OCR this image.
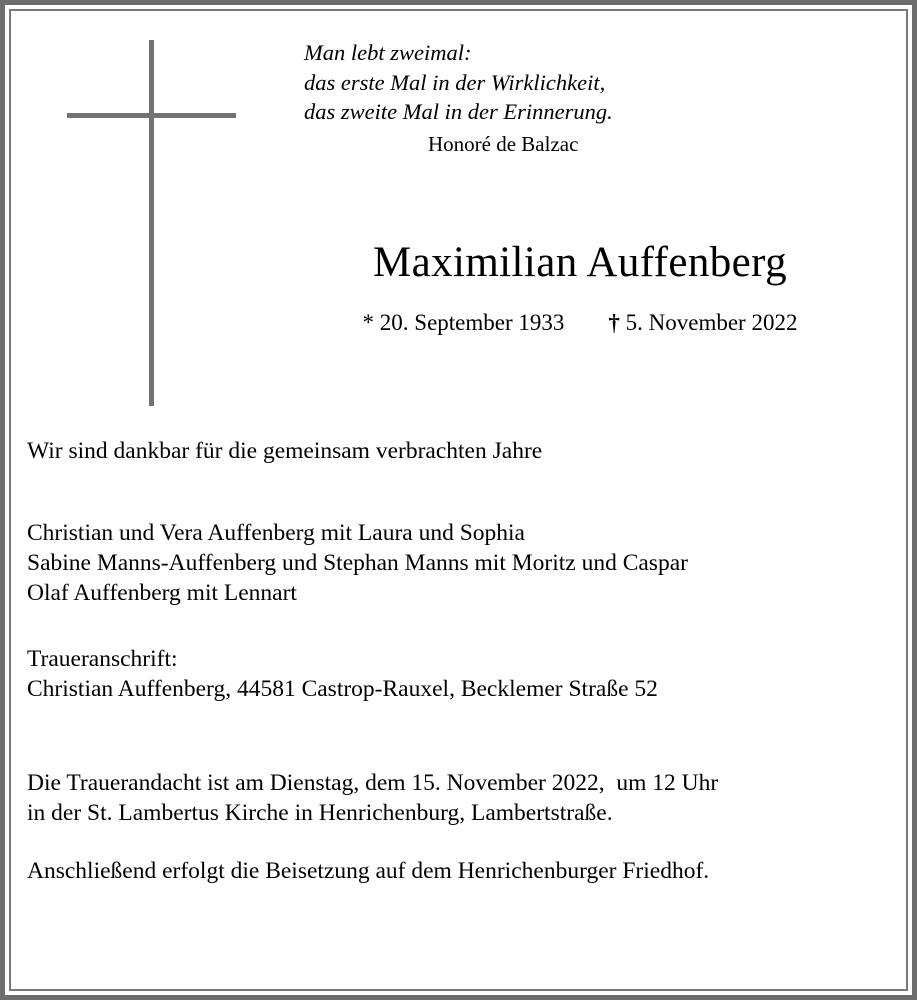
Man lebt zweimal:
das erste Mal in der Wirklichkeit,
das zweite Mal in der Erinnerung.
Honoré de Balzac
Maximilian Auffenberg
* 20. September 1933 † 5. November 2022

Wir sind dankbar für die gemeinsam verbrachten Jahre

Christian und Vera Auffenberg mit Laura und Sophia
Sabine Manns-Auffenberg und Stephan Manns mit Moritz und Caspar
Olaf Auffenberg mit Lennart

Traueranschrift:
Christian Auffenberg, 44581 Castrop-Rauxel, Becklemer Straße 52

Die Trauerandacht ist am Dienstag, dem 15. November 2022,  um 12 Uhr
in der St. Lambertus Kirche in Henrichenburg, Lambertstraße.

Anschließend erfolgt die Beisetzung auf dem Henrichenburger Friedhof.
